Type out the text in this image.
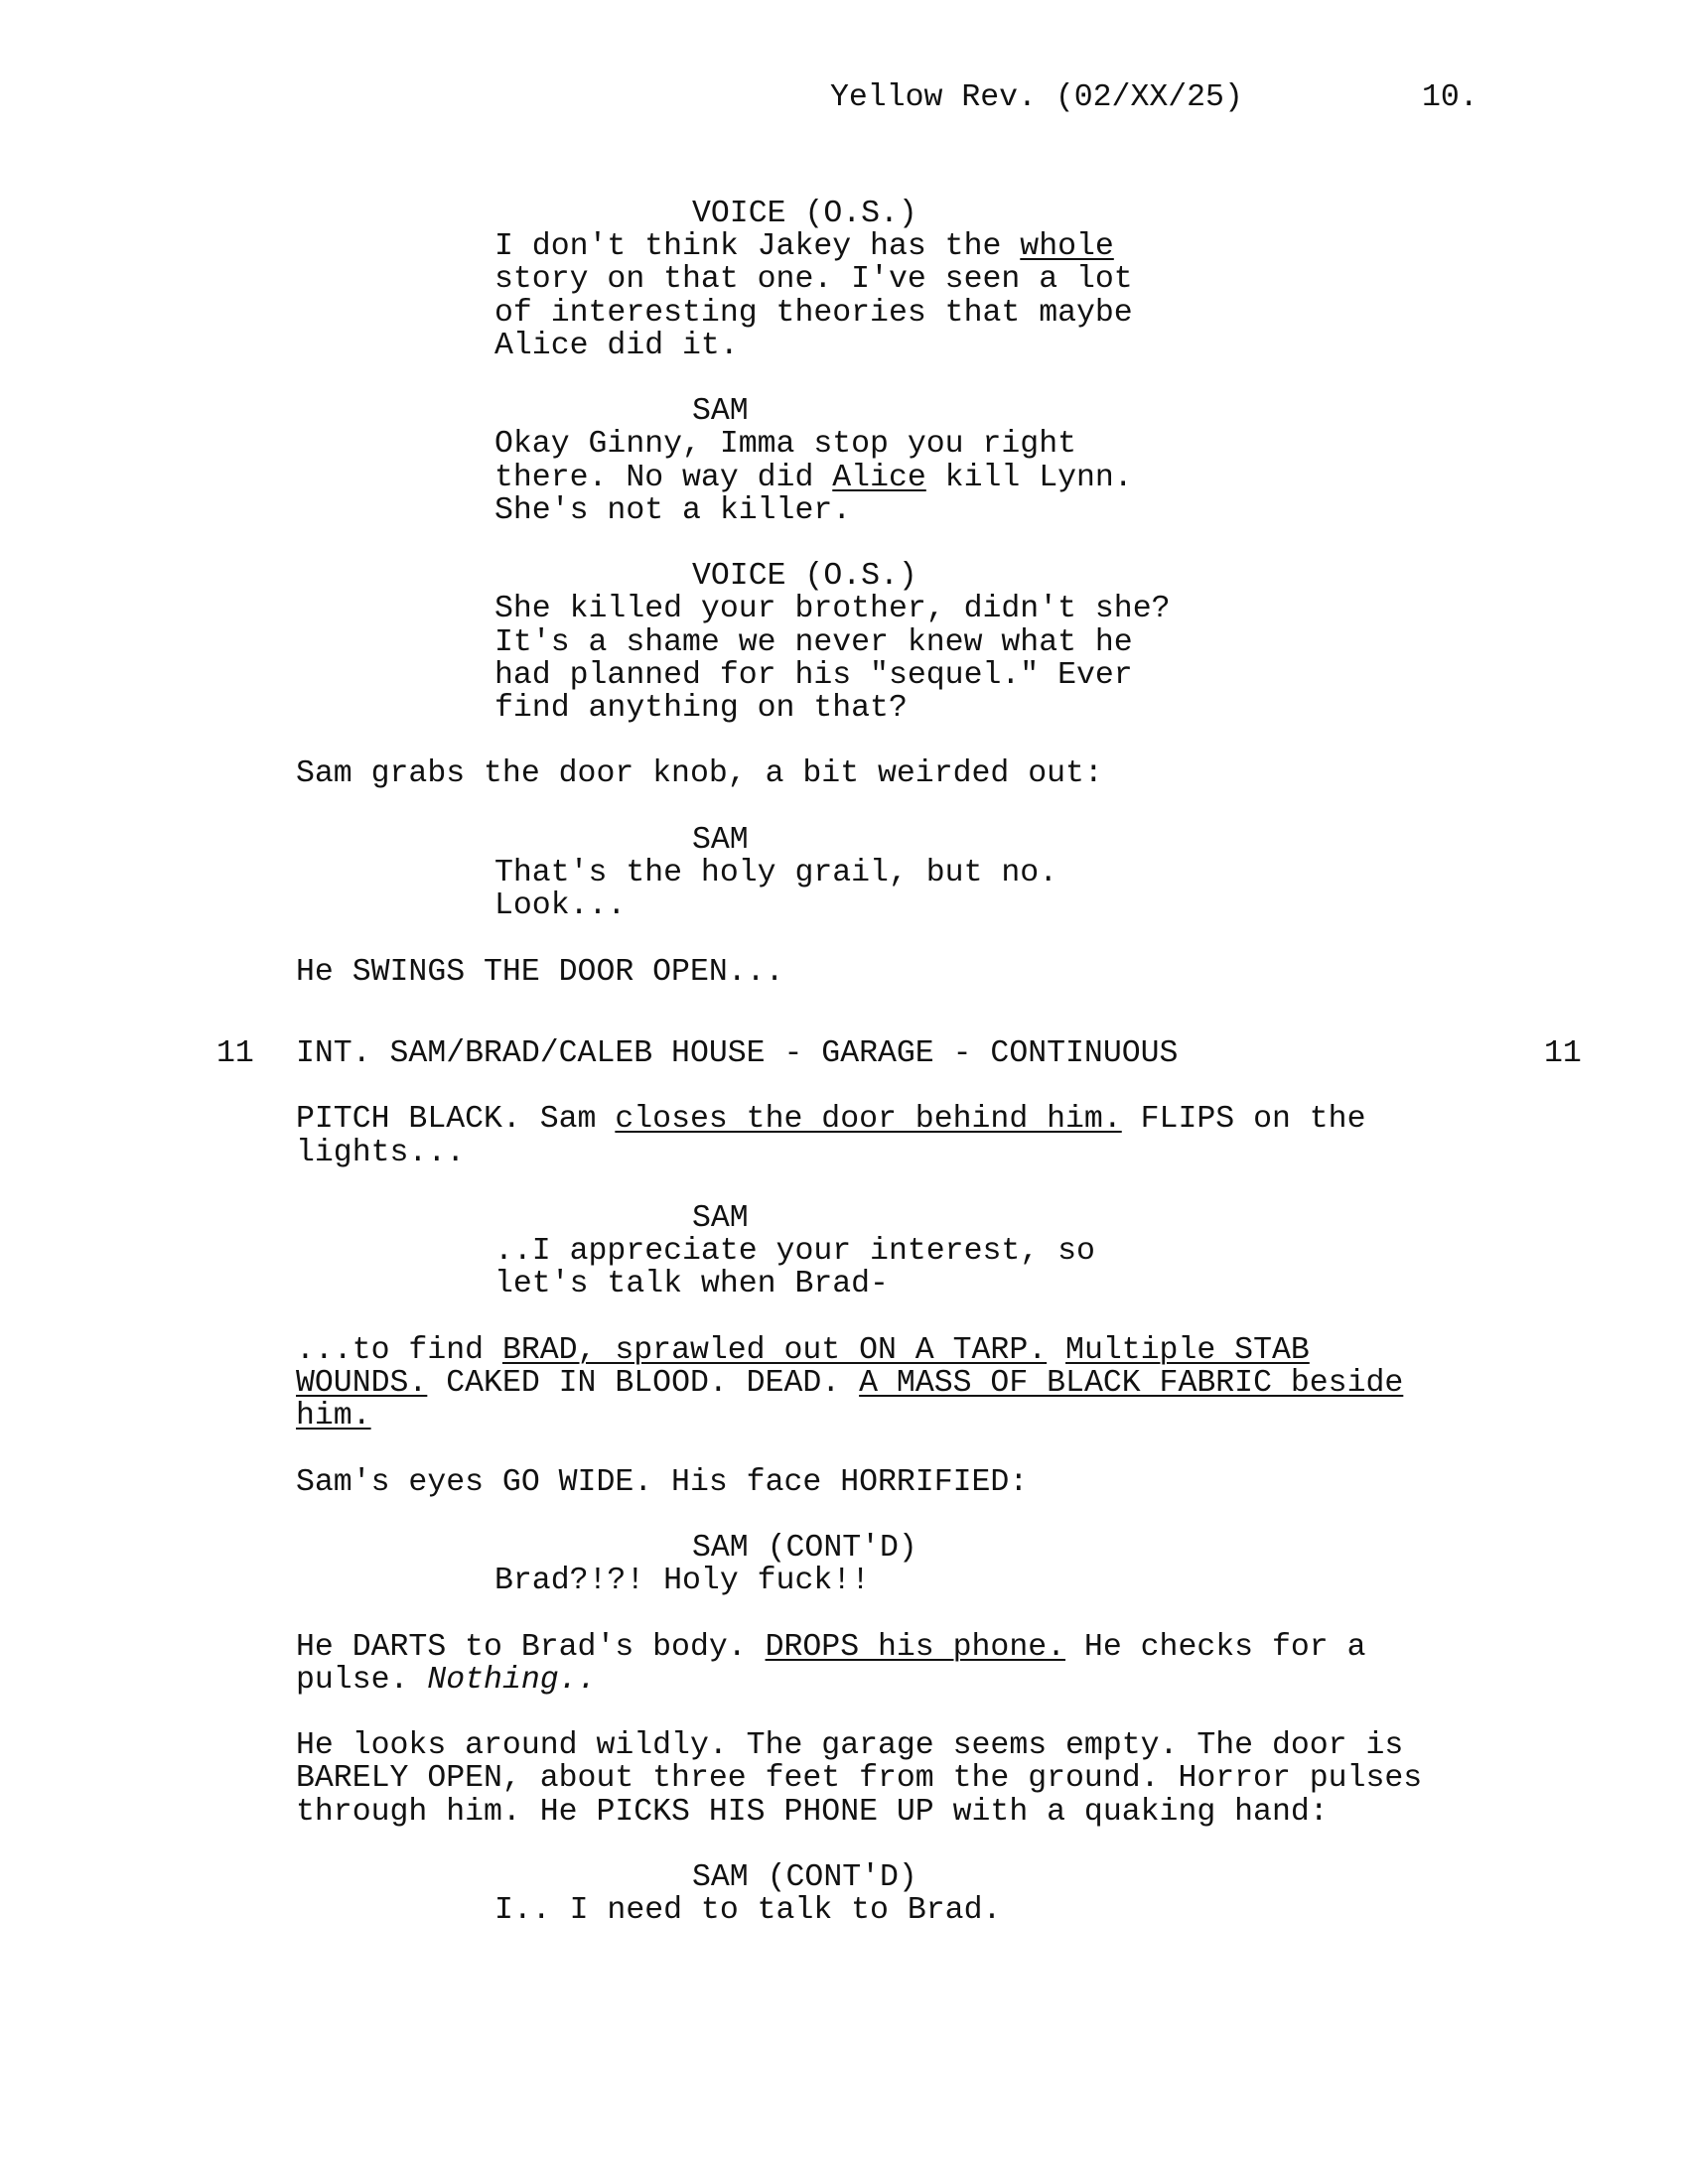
Yellow Rev. (02/XX/25)	10.
VOICE (O.S.)
I don't think Jakey has the whole
story on that one. I've seen a lot
of interesting theories that maybe
Alice did it.
SAM
Okay Ginny, Imma stop you right
there. No way did Alice kill Lynn.
She's not a killer.
VOICE (O.S.)
She killed your brother, didn't she?
It's a shame we never knew what he
had planned for his "sequel." Ever
find anything on that?
Sam grabs the door knob, a bit weirded out:
SAM
That's the holy grail, but no.
Look...
He SWINGS THE DOOR OPEN...
11 INT. SAM/BRAD/CALEB HOUSE - GARAGE - CONTINUOUS	11
PITCH BLACK. Sam closes the door behind him. FLIPS on the
lights...
SAM
..I appreciate your interest, so
let's talk when Brad-
...to find BRAD, sprawled out ON A TARP. Multiple STAB
WOUNDS. CAKED IN BLOOD. DEAD. A MASS OF BLACK FABRIC beside
him.
Sam's eyes GO WIDE. His face HORRIFIED:
SAM (CONT'D)
Brad?!?! Holy fuck!!
He DARTS to Brad's body. DROPS his phone. He checks for a
pulse. Nothing..
He looks around wildly. The garage seems empty. The door is
BARELY OPEN, about three feet from the ground. Horror pulses
through him. He PICKS HIS PHONE UP with a quaking hand:
SAM (CONT'D)
I.. I need to talk to Brad.
